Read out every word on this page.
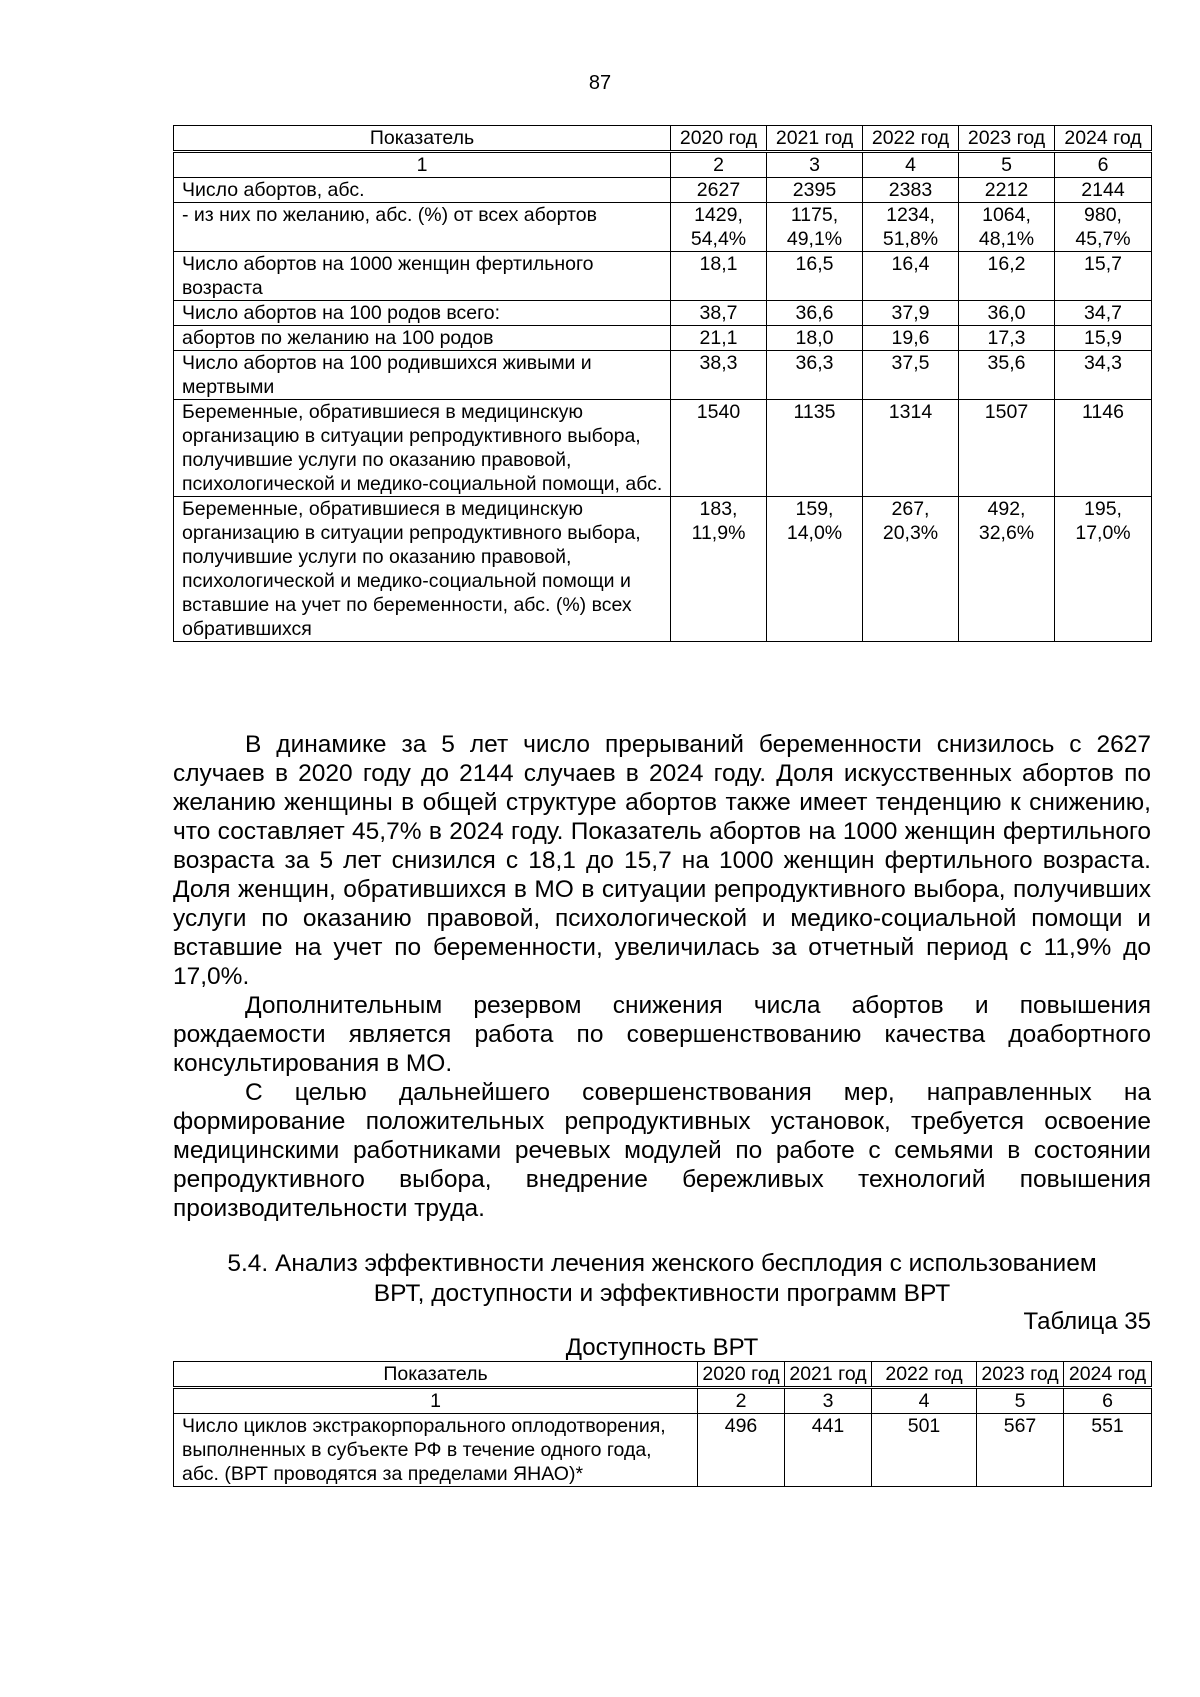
87
Показатель	2020 год	2021 год	2022 год	2023 год	2024 год
1	2	3	4	5	6
Число абортов, абс.	2627	2395	2383	2212	2144
- из них по желанию, абс. (%) от всех абортов	1429, 54,4%	1175, 49,1%	1234, 51,8%	1064, 48,1%	980, 45,7%
Число абортов на 1000 женщин фертильного возраста	18,1	16,5	16,4	16,2	15,7
Число абортов на 100 родов всего:	38,7	36,6	37,9	36,0	34,7
абортов по желанию на 100 родов	21,1	18,0	19,6	17,3	15,9
Число абортов на 100 родившихся живыми и мертвыми	38,3	36,3	37,5	35,6	34,3
Беременные, обратившиеся в медицинскую организацию в ситуации репродуктивного выбора, получившие услуги по оказанию правовой, психологической и медико-социальной помощи, абс.	1540	1135	1314	1507	1146
Беременные, обратившиеся в медицинскую организацию в ситуации репродуктивного выбора, получившие услуги по оказанию правовой, психологической и медико-социальной помощи и вставшие на учет по беременности, абс. (%) всех обратившихся	183, 11,9%	159, 14,0%	267, 20,3%	492, 32,6%	195, 17,0%

В динамике за 5 лет число прерываний беременности снизилось с 2627 случаев в 2020 году до 2144 случаев в 2024 году. Доля искусственных абортов по желанию женщины в общей структуре абортов также имеет тенденцию к снижению, что составляет 45,7% в 2024 году. Показатель абортов на 1000 женщин фертильного возраста за 5 лет снизился с 18,1 до 15,7 на 1000 женщин фертильного возраста. Доля женщин, обратившихся в МО в ситуации репродуктивного выбора, получивших услуги по оказанию правовой, психологической и медико-социальной помощи и вставшие на учет по беременности, увеличилась за отчетный период с 11,9% до 17,0%.

Дополнительным резервом снижения числа абортов и повышения рождаемости является работа по совершенствованию качества доабортного консультирования в МО.

С целью дальнейшего совершенствования мер, направленных на формирование положительных репродуктивных установок, требуется освоение медицинскими работниками речевых модулей по работе с семьями в состоянии репродуктивного выбора, внедрение бережливых технологий повышения производительности труда.

5.4. Анализ эффективности лечения женского бесплодия с использованием
ВРТ, доступности и эффективности программ ВРТ
Таблица 35
Доступность ВРТ
Показатель	2020 год	2021 год	2022 год	2023 год	2024 год
1	2	3	4	5	6
Число циклов экстракорпорального оплодотворения, выполненных в субъекте РФ в течение одного года, абс. (ВРТ проводятся за пределами ЯНАО)*	496	441	501	567	551
